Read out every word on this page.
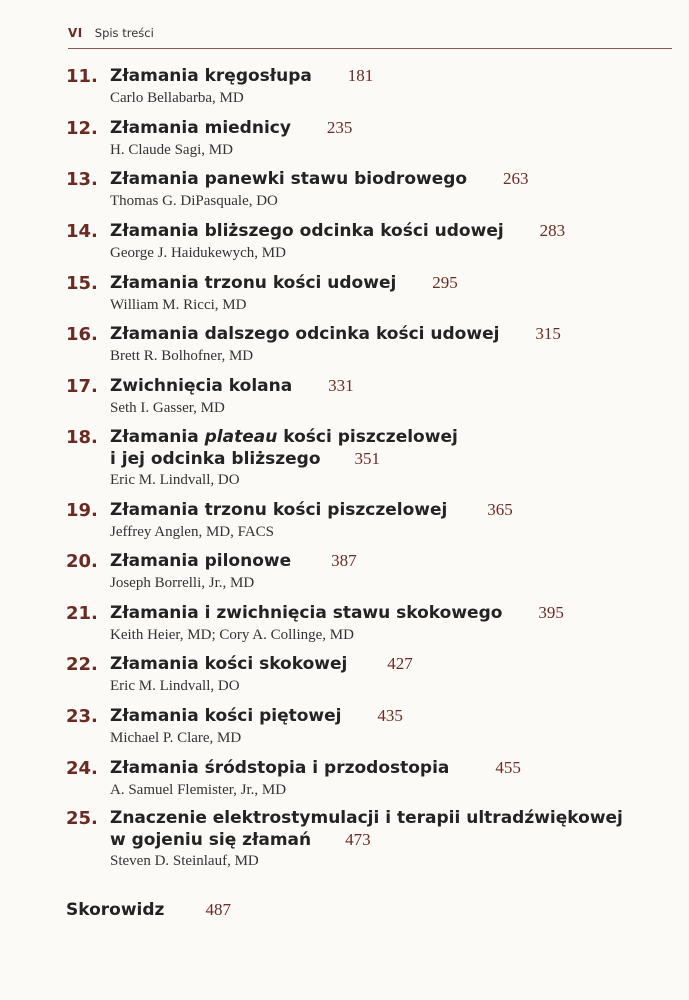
VI Spis treści
11. Złamania kręgosłupa 181
Carlo Bellabarba, MD
12. Złamania miednicy 235
H. Claude Sagi, MD
13. Złamania panewki stawu biodrowego 263
Thomas G. DiPasquale, DO
14. Złamania bliższego odcinka kości udowej 283
George J. Haidukewych, MD
15. Złamania trzonu kości udowej 295
William M. Ricci, MD
16. Złamania dalszego odcinka kości udowej 315
Brett R. Bolhofner, MD
17. Zwichnięcia kolana 331
Seth I. Gasser, MD
18. Złamania plateau kości piszczelowej
i jej odcinka bliższego 351
Eric M. Lindvall, DO
19. Złamania trzonu kości piszczelowej 365
Jeffrey Anglen, MD, FACS
20. Złamania pilonowe 387
Joseph Borrelli, Jr., MD
21. Złamania i zwichnięcia stawu skokowego 395
Keith Heier, MD; Cory A. Collinge, MD
22. Złamania kości skokowej 427
Eric M. Lindvall, DO
23. Złamania kości piętowej 435
Michael P. Clare, MD
24. Złamania śródstopia i przodostopia	455
A. Samuel Flemister, Jr., MD
25. Znaczenie elektrostymulacji i terapii ultradźwiękowej
w gojeniu się złamań 473
Steven D. Steinlauf, MD
Skorowidz 487
